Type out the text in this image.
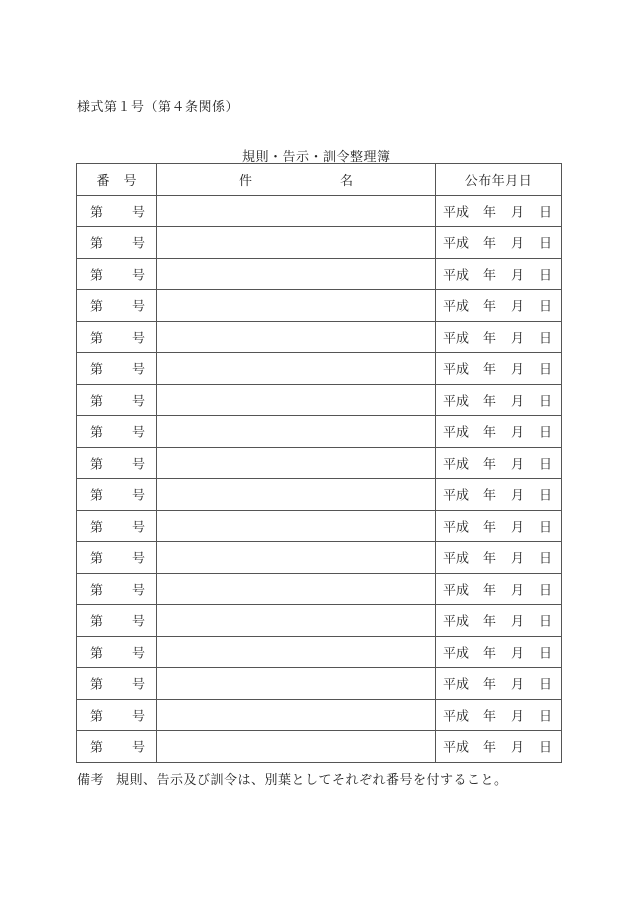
様式第１号（第４条関係）
規則・告示・訓令整理簿
番 号	件 名	公布年月日

第 号		平成 年 月 日

第 号		平成 年 月 日

第 号		平成 年 月 日

第 号		平成 年 月 日

第 号		平成 年 月 日

第 号		平成 年 月 日

第 号		平成 年 月 日

第 号		平成 年 月 日

第 号		平成 年 月 日

第 号		平成 年 月 日

第 号		平成 年 月 日

第 号		平成 年 月 日

第 号		平成 年 月 日

第 号		平成 年 月 日

第 号		平成 年 月 日

第 号		平成 年 月 日

第 号		平成 年 月 日

第 号		平成 年 月 日
備考 規則、告示及び訓令は、別葉としてそれぞれ番号を付すること。
